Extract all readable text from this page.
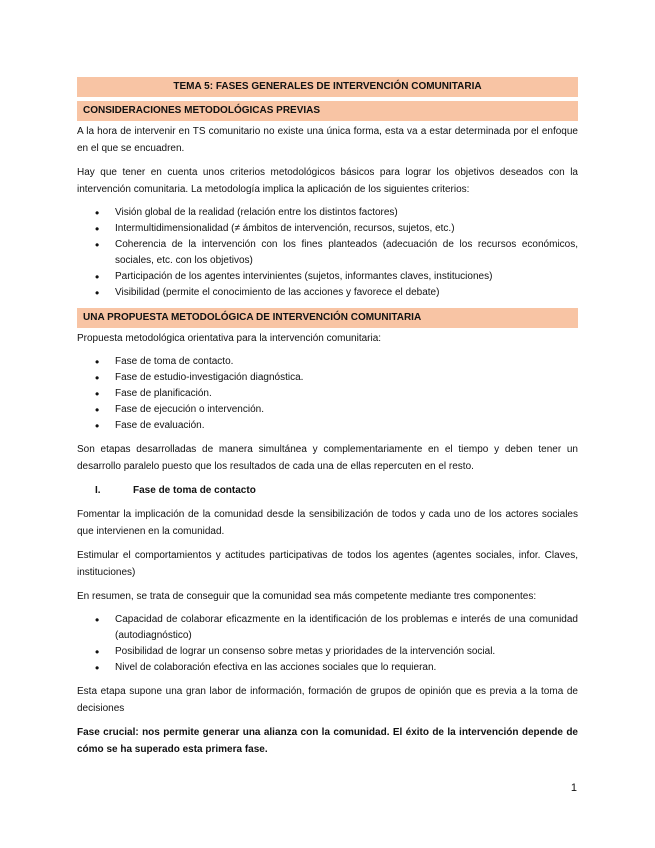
TEMA 5: FASES GENERALES DE INTERVENCIÓN COMUNITARIA
CONSIDERACIONES METODOLÓGICAS PREVIAS

A la hora de intervenir en TS comunitario no existe una única forma, esta va a estar determinada por el enfoque en el que se encuadren.

Hay que tener en cuenta unos criterios metodológicos básicos para lograr los objetivos deseados con la intervención comunitaria. La metodología implica la aplicación de los siguientes criterios:

• Visión global de la realidad (relación entre los distintos factores)
• Intermultidimensionalidad (≠ ámbitos de intervención, recursos, sujetos, etc.)
• Coherencia de la intervención con los fines planteados (adecuación de los recursos económicos, sociales, etc. con los objetivos)
• Participación de los agentes intervinientes (sujetos, informantes claves, instituciones)
• Visibilidad (permite el conocimiento de las acciones y favorece el debate)
UNA PROPUESTA METODOLÓGICA DE INTERVENCIÓN COMUNITARIA

Propuesta metodológica orientativa para la intervención comunitaria:

• Fase de toma de contacto.
• Fase de estudio-investigación diagnóstica.
• Fase de planificación.
• Fase de ejecución o intervención.
• Fase de evaluación.

Son etapas desarrolladas de manera simultánea y complementariamente en el tiempo y deben tener un desarrollo paralelo puesto que los resultados de cada una de ellas repercuten en el resto.

I.	Fase de toma de contacto

Fomentar la implicación de la comunidad desde la sensibilización de todos y cada uno de los actores sociales que intervienen en la comunidad.

Estimular el comportamientos y actitudes participativas de todos los agentes (agentes sociales, infor. Claves, instituciones)

En resumen, se trata de conseguir que la comunidad sea más competente mediante tres componentes:

• Capacidad de colaborar eficazmente en la identificación de los problemas e interés de una comunidad (autodiagnóstico)
• Posibilidad de lograr un consenso sobre metas y prioridades de la intervención social.
• Nivel de colaboración efectiva en las acciones sociales que lo requieran.

Esta etapa supone una gran labor de información, formación de grupos de opinión que es previa a la toma de decisiones

Fase crucial: nos permite generar una alianza con la comunidad. El éxito de la intervención depende de cómo se ha superado esta primera fase.

1
